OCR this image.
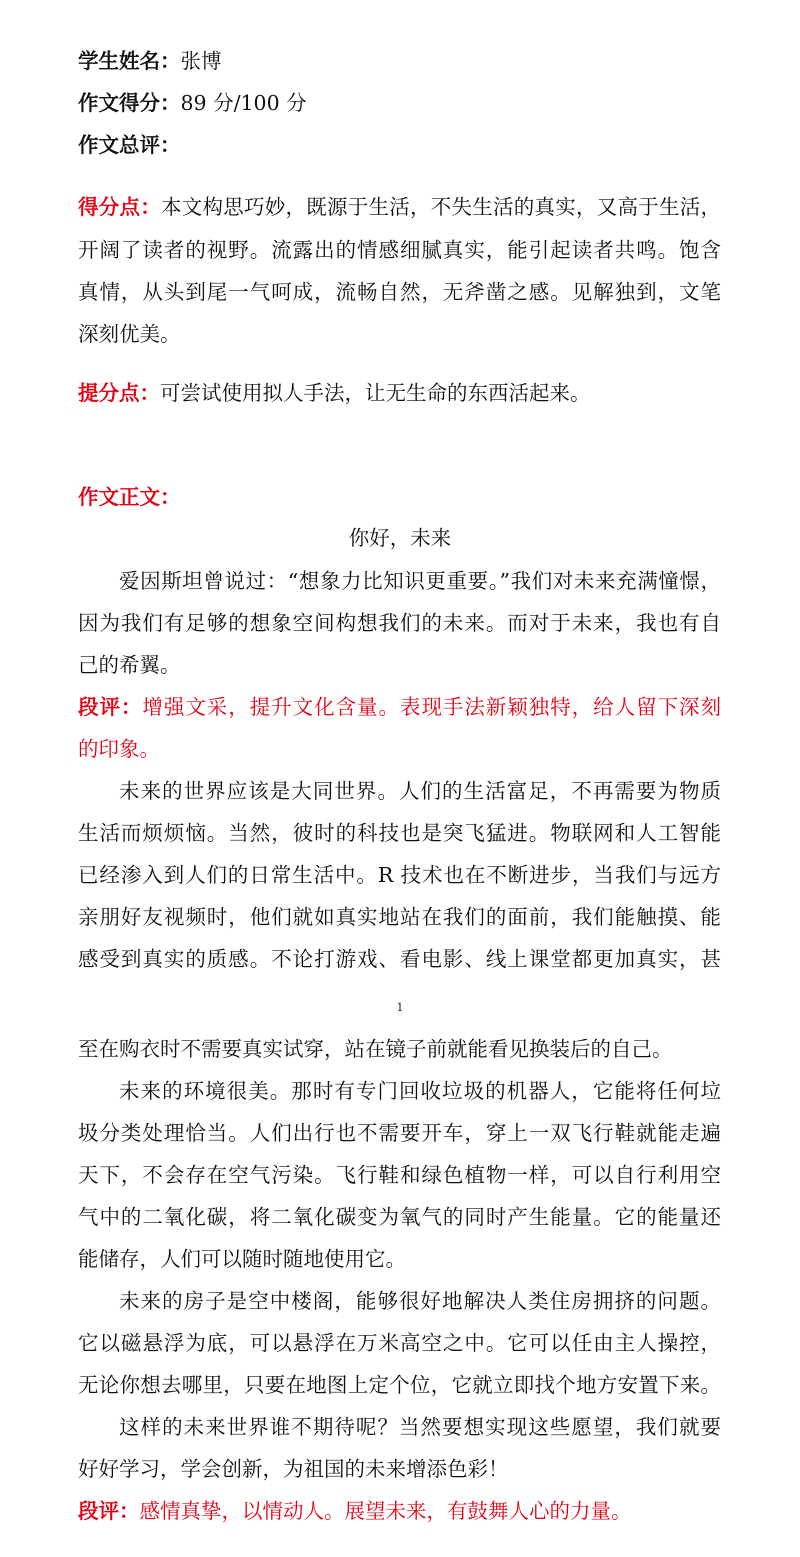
学生姓名：张博

作文得分：89 分/100 分

作文总评：

得分点：本文构思巧妙，既源于生活，不失生活的真实，又高于生活，

开阔了读者的视野。流露出的情感细腻真实，能引起读者共鸣。饱含

真情，从头到尾一气呵成，流畅自然，无斧凿之感。见解独到，文笔

深刻优美。

提分点：可尝试使用拟人手法，让无生命的东西活起来。

作文正文：

你好，未来

爱因斯坦曾说过：“想象力比知识更重要。”我们对未来充满憧憬，

因为我们有足够的想象空间构想我们的未来。而对于未来，我也有自

己的希翼。

段评：增强文采，提升文化含量。表现手法新颖独特，给人留下深刻

的印象。

未来的世界应该是大同世界。人们的生活富足，不再需要为物质

生活而烦烦恼。当然，彼时的科技也是突飞猛进。物联网和人工智能

已经渗入到人们的日常生活中。R 技术也在不断进步，当我们与远方

亲朋好友视频时，他们就如真实地站在我们的面前，我们能触摸、能

感受到真实的质感。不论打游戏、看电影、线上课堂都更加真实，甚

1

至在购衣时不需要真实试穿，站在镜子前就能看见换装后的自己。

未来的环境很美。那时有专门回收垃圾的机器人，它能将任何垃

圾分类处理恰当。人们出行也不需要开车，穿上一双飞行鞋就能走遍

天下，不会存在空气污染。飞行鞋和绿色植物一样，可以自行利用空

气中的二氧化碳，将二氧化碳变为氧气的同时产生能量。它的能量还

能储存，人们可以随时随地使用它。

未来的房子是空中楼阁，能够很好地解决人类住房拥挤的问题。

它以磁悬浮为底，可以悬浮在万米高空之中。它可以任由主人操控，

无论你想去哪里，只要在地图上定个位，它就立即找个地方安置下来。

这样的未来世界谁不期待呢？当然要想实现这些愿望，我们就要

好好学习，学会创新，为祖国的未来增添色彩！

段评：感情真挚，以情动人。展望未来，有鼓舞人心的力量。
